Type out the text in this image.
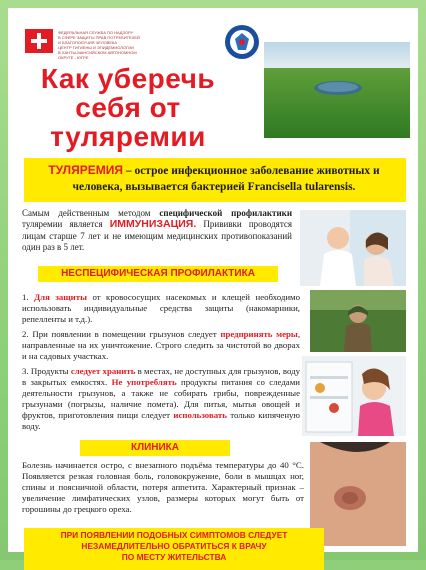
ФЕДЕРАЛЬНАЯ СЛУЖБА ПО НАДЗОРУ
В СФЕРЕ ЗАЩИТЫ ПРАВ ПОТРЕБИТЕЛЕЙ
И БЛАГОПОЛУЧИЯ ЧЕЛОВЕКА
ЦЕНТР ГИГИЕНЫ И ЭПИДЕМИОЛОГИИ
В ХАНТЫ-МАНСИЙСКОМ АВТОНОМНОМ
ОКРУГЕ - ЮГРЕ
Как уберечь
себя от
туляремии
ТУЛЯРЕМИЯ – острое инфекционное заболевание животных и человека, вызывается бактерией Francisella tularensis.
Самым действенным методом специфической профилактики туляремии является ИММУНИЗАЦИЯ. Прививки проводятся лицам старше 7 лет и не имеющим медицинских противопоказаний один раз в 5 лет.
НЕСПЕЦИФИЧЕСКАЯ ПРОФИЛАКТИКА
1. Для защиты от кровососущих насекомых и клещей необходимо использовать индивидуальные средства защиты (накомарники, репелленты и т.д.).
2. При появлении в помещении грызунов следует предпринять меры, направленные на их уничтожение. Строго следить за чистотой во дворах и на садовых участках.
3. Продукты следует хранить в местах, не доступных для грызунов, воду в закрытых емкостях. Не употреблять продукты питания со следами деятельности грызунов, а также не собирать грибы, поврежденные грызунами (погрызы, наличие помета). Для питья, мытья овощей и фруктов, приготовления пищи следует использовать только кипяченую воду.
КЛИНИКА
Болезнь начинается остро, с внезапного подъёма температуры до 40 °С. Появляется резкая головная боль, головокружение, боли в мышцах ног, спины и поясничной области, потеря аппетита. Характерный признак – увеличение лимфатических узлов, размеры которых могут быть от горошины до грецкого ореха.
ПРИ ПОЯВЛЕНИИ ПОДОБНЫХ СИМПТОМОВ СЛЕДУЕТ
НЕЗАМЕДЛИТЕЛЬНО ОБРАТИТЬСЯ К ВРАЧУ
ПО МЕСТУ ЖИТЕЛЬСТВА
